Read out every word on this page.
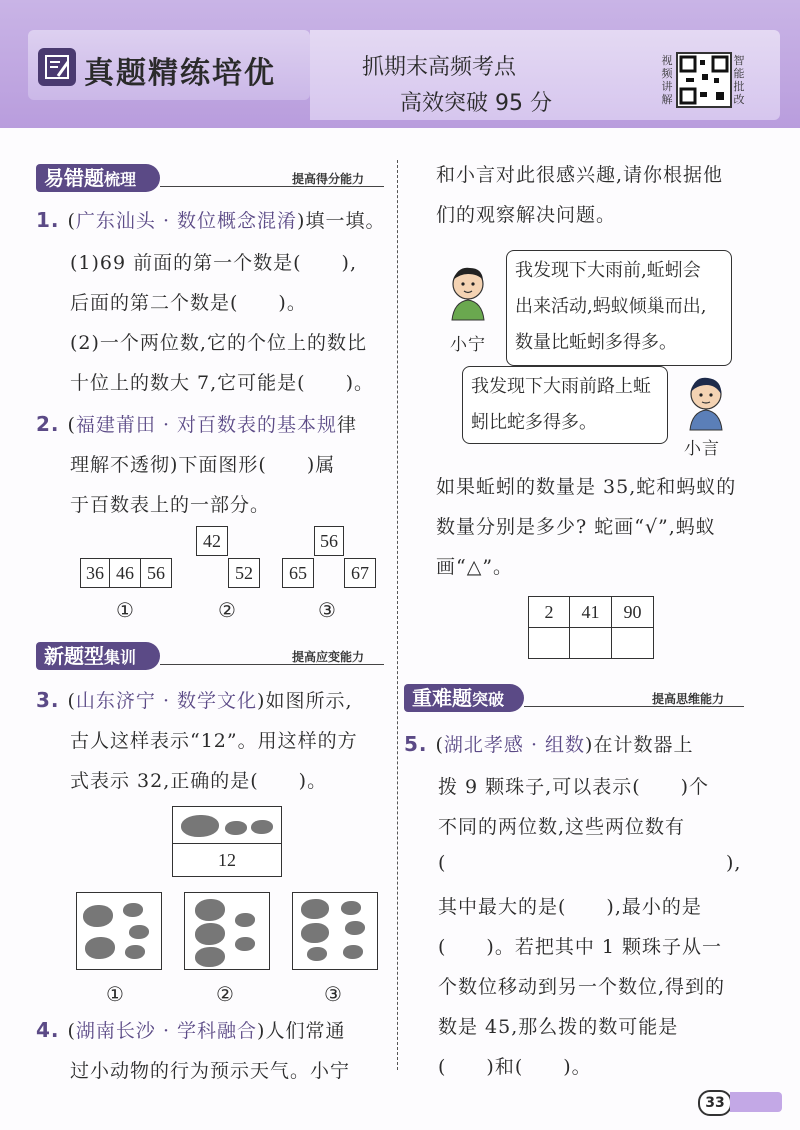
真题精练培优	抓期末高频考点
高效突破 95 分
视频讲解
智能批改
易错题梳理	提高得分能力
1. (广东汕头 · 数位概念混淆)填一填。
(1)69 前面的第一个数是(　　),
后面的第二个数是(　　)。
(2)一个两位数,它的个位上的数比
十位上的数大 7,它可能是(　　)。
2. (福建莆田 · 对百数表的基本规律
理解不透彻)下面图形(　　)属
于百数表上的一部分。
36 46 56
42
52
56
65	67
①	②	③
新题型集训	提高应变能力
3. (山东济宁 · 数学文化)如图所示,
古人这样表示“12”。用这样的方
式表示 32,正确的是(　　)。
12
①	②	③
4. (湖南长沙 · 学科融合)人们常通
过小动物的行为预示天气。小宁
和小言对此很感兴趣,请你根据他
们的观察解决问题。
小宁
我发现下大雨前,蚯蚓会
出来活动,蚂蚁倾巢而出,
数量比蚯蚓多得多。
我发现下大雨前路上蚯
蚓比蛇多得多。
小言
如果蚯蚓的数量是 35,蛇和蚂蚁的
数量分别是多少? 蛇画“√”,蚂蚁
画“△”。
2	41	90
重难题突破	提高思维能力
5. (湖北孝感 · 组数)在计数器上
拨 9 颗珠子,可以表示(　　)个
不同的两位数,这些两位数有
(	),
其中最大的是(　　),最小的是
(　　)。若把其中 1 颗珠子从一
个数位移动到另一个数位,得到的
数是 45,那么拨的数可能是
(　　)和(　　)。
33
